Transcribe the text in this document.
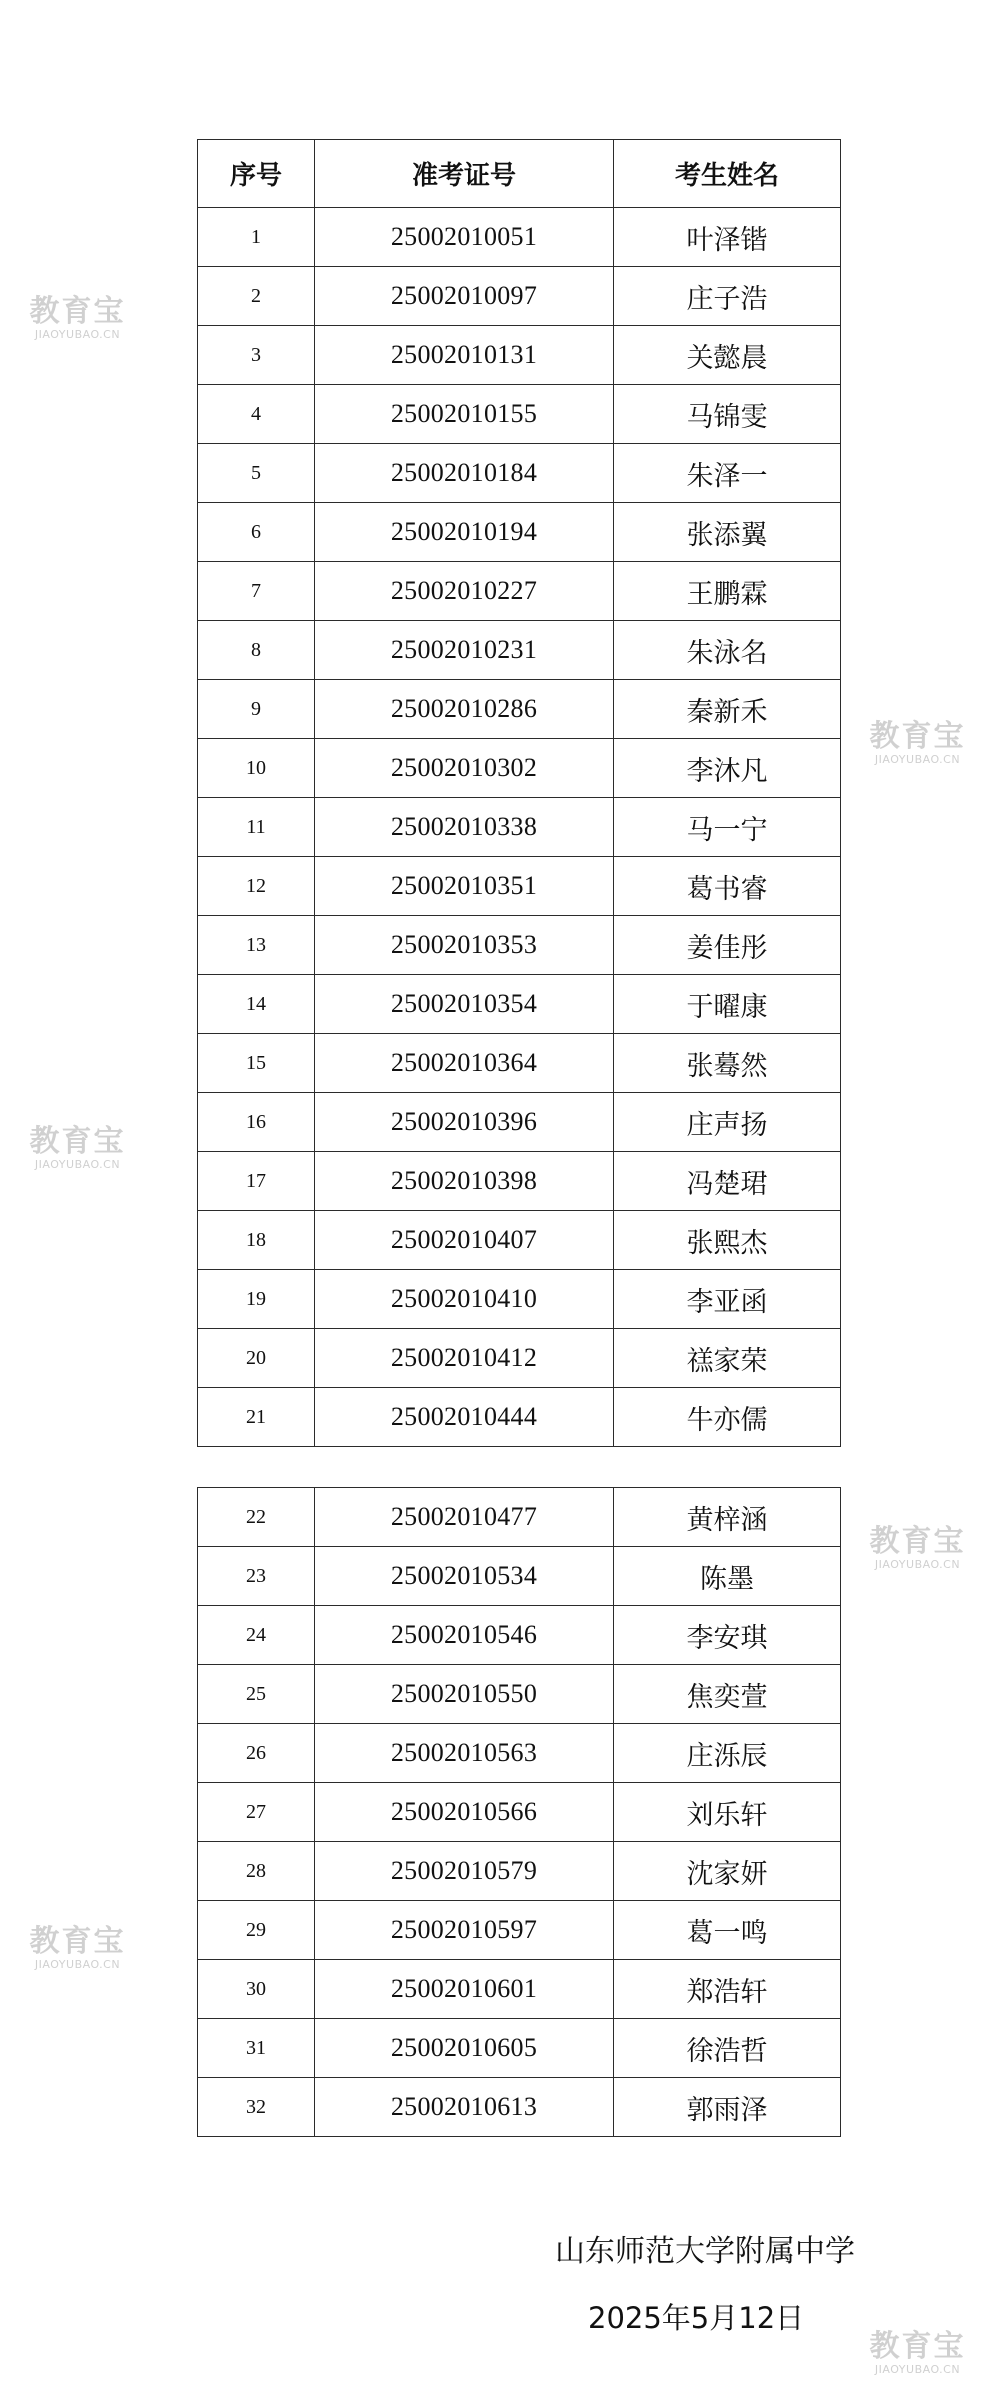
序号	准考证号	考生姓名
1	25002010051	叶泽锴
2	25002010097	庄子浩
3	25002010131	关懿晨
4	25002010155	马锦雯
5	25002010184	朱泽一
6	25002010194	张添翼
7	25002010227	王鹏霖
8	25002010231	朱泳名
9	25002010286	秦新禾
10	25002010302	李沐凡
11	25002010338	马一宁
12	25002010351	葛书睿
13	25002010353	姜佳彤
14	25002010354	于曜康
15	25002010364	张蓦然
16	25002010396	庄声扬
17	25002010398	冯楚珺
18	25002010407	张熙杰
19	25002010410	李亚函
20	25002010412	禚家荣
21	25002010444	牛亦儒
22	25002010477	黄梓涵
23	25002010534	陈墨
24	25002010546	李安琪
25	25002010550	焦奕萱
26	25002010563	庄泺辰
27	25002010566	刘乐轩
28	25002010579	沈家妍
29	25002010597	葛一鸣
30	25002010601	郑浩轩
31	25002010605	徐浩哲
32	25002010613	郭雨泽
山东师范大学附属中学
2025年5月12日
教育宝
JIAOYUBAO.CN
教育宝
JIAOYUBAO.CN
教育宝
JIAOYUBAO.CN
教育宝
JIAOYUBAO.CN
教育宝
JIAOYUBAO.CN
教育宝
JIAOYUBAO.CN
